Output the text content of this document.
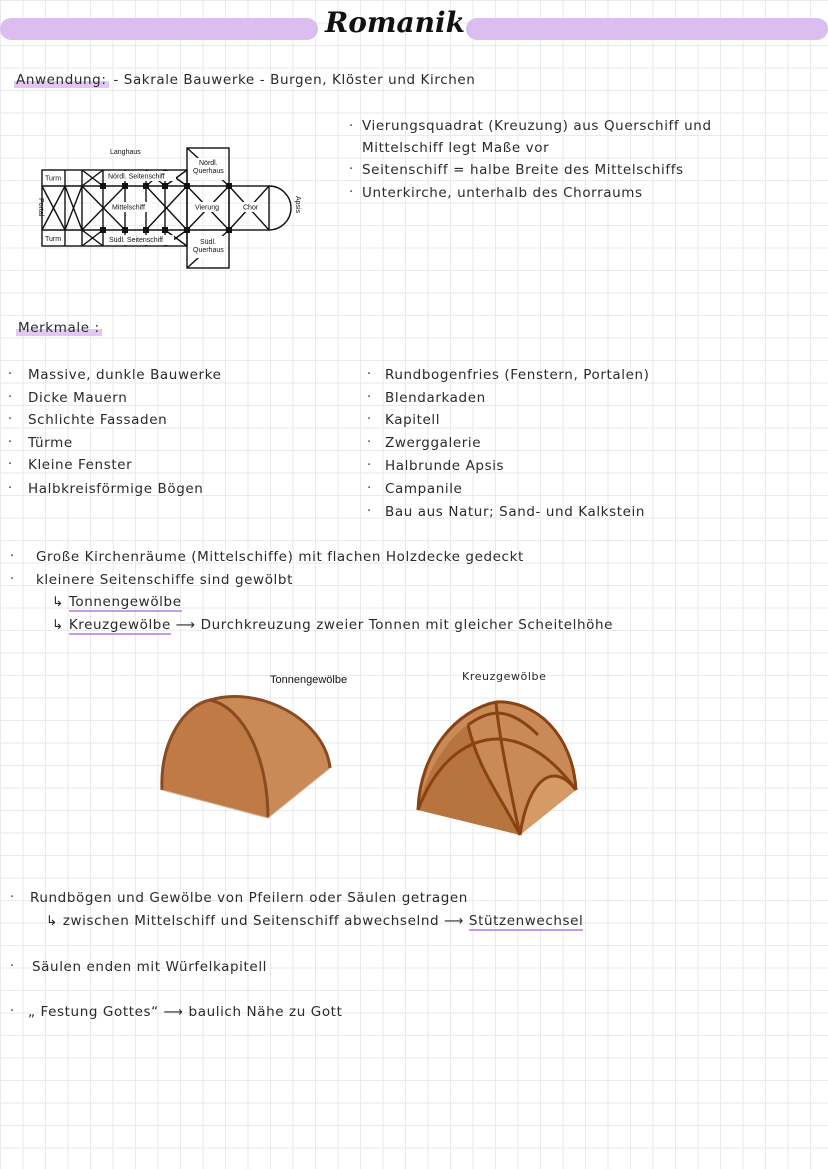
Romanik
Anwendung: - Sakrale Bauwerke - Burgen, Klöster und Kirchen
Langhaus
Turm
Turm
Nördl. Seitenschiff
Südl. Seitenschiff
Mittelschiff	Vierung	Chor
Nördl.
Querhaus
Südl.
Querhaus
Portal	Apsis
· Vierungsquadrat (Kreuzung) aus Querschiff und
Mittelschiff legt Maße vor
· Seitenschiff = halbe Breite des Mittelschiffs
· Unterkirche, unterhalb des Chorraums
Merkmale :
· Massive, dunkle Bauwerke
· Dicke Mauern
· Schlichte Fassaden
· Türme
· Kleine Fenster
· Halbkreisförmige Bögen
· Rundbogenfries (Fenstern, Portalen)
· Blendarkaden
· Kapitell
· Zwerggalerie
· Halbrunde Apsis
· Campanile
· Bau aus Natur; Sand- und Kalkstein
· Große Kirchenräume (Mittelschiffe) mit flachen Holzdecke gedeckt
· kleinere Seitenschiffe sind gewölbt
↳ Tonnengewölbe
↳ Kreuzgewölbe ⟶ Durchkreuzung zweier Tonnen mit gleicher Scheitelhöhe
Tonnengewölbe	Kreuzgewölbe
· Rundbögen und Gewölbe von Pfeilern oder Säulen getragen
↳ zwischen Mittelschiff und Seitenschiff abwechselnd ⟶ Stützenwechsel
· Säulen enden mit Würfelkapitell
· „ Festung Gottes“ ⟶ baulich Nähe zu Gott
